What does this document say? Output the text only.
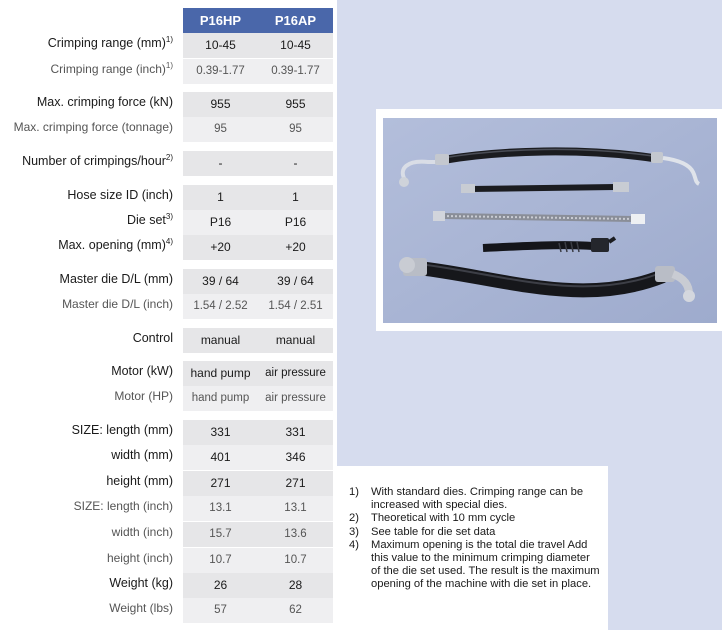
P16HP
10-45
0.39-1.77
955
95
-
1
P16
+20
39 / 64
1.54 / 2.52
manual
hand pump
hand pump
331
401
271
13.1
15.7
10.7
26
57
P16AP
10-45
0.39-1.77
955
95
-
1
P16
+20
39 / 64
1.54 / 2.51
manual
air pressure
air pressure
331
346
271
13.1
13.6
10.7
28
62
Crimping range (mm)$^{1)}$
Crimping range (inch)$^{1)}$
Max. crimping force (kN)
Max. crimping force (tonnage)
Number of crimpings/hour$^{2)}$
Hose size ID (inch)
Die set$^{3)}$
Max. opening (mm)$^{4)}$
Master die D/L (mm)
Master die D/L (inch)
Control
Motor (kW)
Motor (HP)
SIZE: length (mm)
width (mm)
height (mm)
SIZE: length (inch)
width (inch)
height (inch)
Weight (kg)
Weight (lbs)
1) With standard dies. Crimping range can be increased with special dies.
2) Theoretical with 10 mm cycle
3) See table for die set data
4) Maximum opening is the total die travel Add this value to the minimum crimping diameter of the die set used. The result is the maximum opening of the machine with die set in place.
